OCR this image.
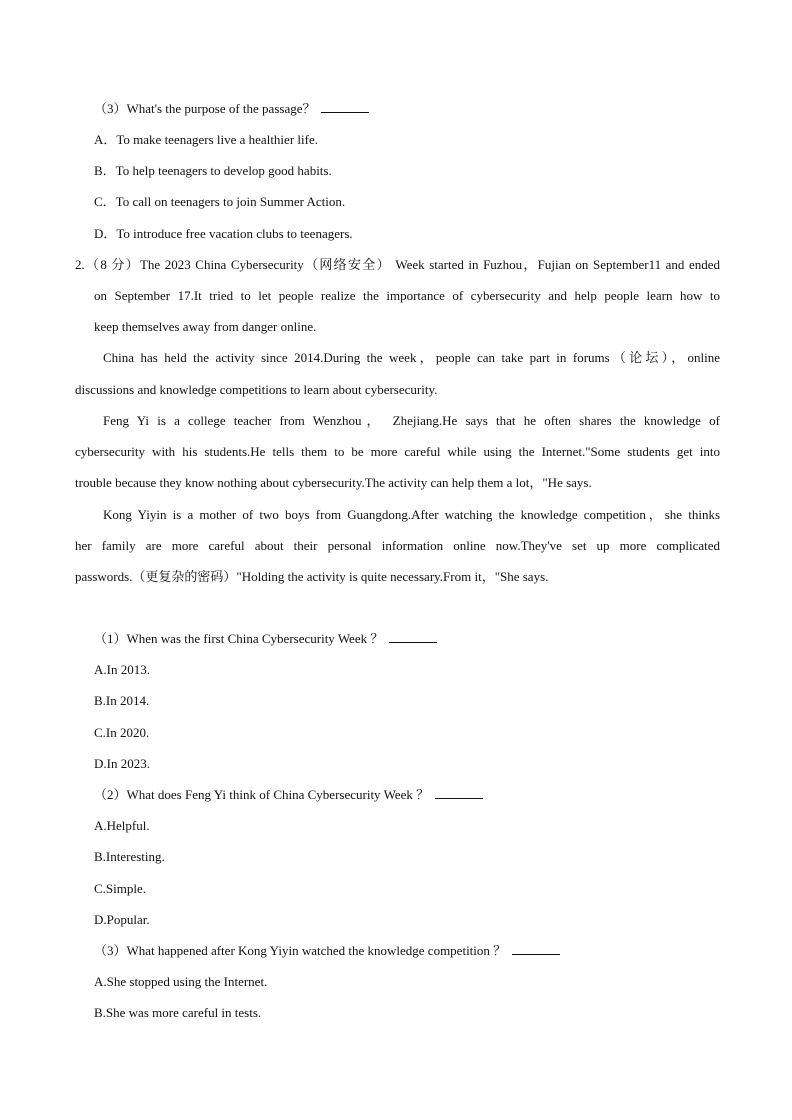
（3）What's the purpose of the passage？
A．To make teenagers live a healthier life.
B．To help teenagers to develop good habits.
C．To call on teenagers to join Summer Action.
D．To introduce free vacation clubs to teenagers.
2.（8 分）The 2023 China Cybersecurity（网络安全） Week started in Fuzhou，Fujian on September11 and ended
on September 17.It tried to let people realize the importance of cybersecurity and help people learn how to
keep themselves away from danger online.
China has held the activity since 2014.During the week，people can take part in forums（论坛），online
discussions and knowledge competitions to learn about cybersecurity.
Feng Yi is a college teacher from Wenzhou， Zhejiang.He says that he often shares the knowledge of
cybersecurity with his students.He tells them to be more careful while using the Internet."Some students get into
trouble because they know nothing about cybersecurity.The activity can help them a lot，"He says.
Kong Yiyin is a mother of two boys from Guangdong.After watching the knowledge competition，she thinks
her family are more careful about their personal information online now.They've set up more complicated
passwords.（更复杂的密码）"Holding the activity is quite necessary.From it，"She says.
（1）When was the first China Cybersecurity Week ？
A.In 2013.
B.In 2014.
C.In 2020.
D.In 2023.
（2）What does Feng Yi think of China Cybersecurity Week ？
A.Helpful.
B.Interesting.
C.Simple.
D.Popular.
（3）What happened after Kong Yiyin watched the knowledge competition ？
A.She stopped using the Internet.
B.She was more careful in tests.
